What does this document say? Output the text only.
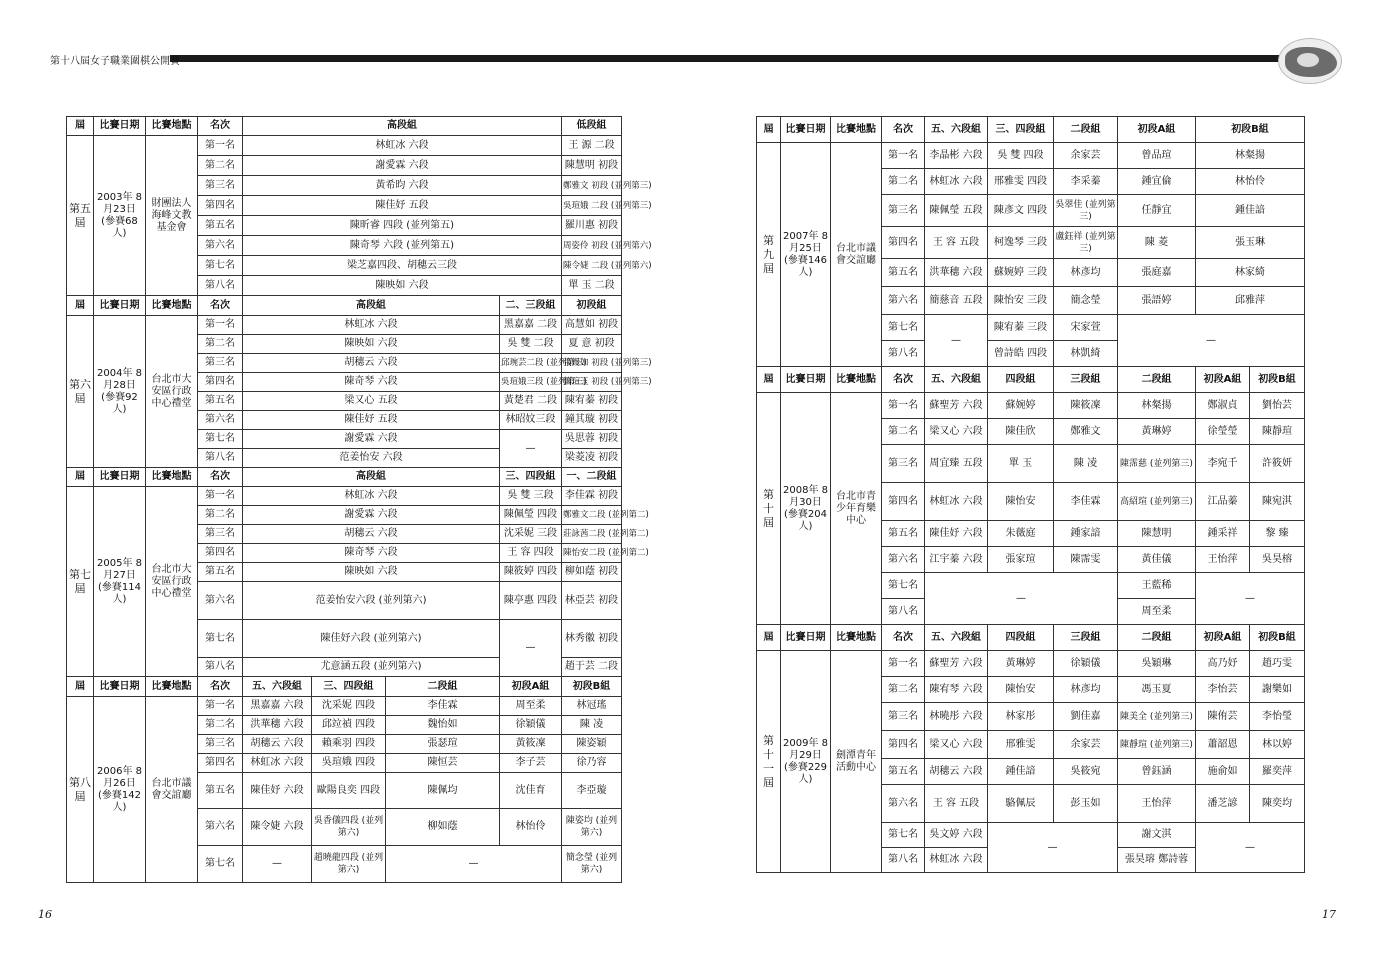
第十八屆女子職業圍棋公開賽
16	17
屆	比賽日期	比賽地點	名次	高段組				低段組
第五屆	2003年 8月23日 (參賽68人)	財團法人海峰文教基金會	第一名	林虹冰 六段				王 源 二段
			第二名	謝愛霖 六段				陳慧明 初段
			第三名	黃希昀 六段				鄭雅文 初段 (並列第三)
			第四名	陳佳妤 五段				吳瑄娥 二段 (並列第三)
			第五名	陳昕睿 四段 (並列第五)				羅川惠 初段
			第六名	陳奇琴 六段 (並列第五)				周姿伶 初段 (並列第六)
			第七名	梁芝嘉四段、胡穗云三段				陳令婕 二段 (並列第六)
			第八名	陳映如 六段				單 玉 二段
屆	比賽日期	比賽地點	名次	高段組			二、三段組	初段組
第六屆	2004年 8月28日 (參賽92人)	台北市大安區行政中心禮堂	第一名	林虹冰 六段			黑嘉嘉 二段	高慧如 初段
			第二名	陳映如 六段			吳 雙 二段	夏 意 初段
			第三名	胡穗云 六段			邱琬芸二段 (並列第三)	張嫚如 初段 (並列第三)
			第四名	陳奇琴 六段			吳瑄娥三段 (並列第三)	劉瑄玉 初段 (並列第三)
			第五名	梁又心 五段			黃楚君 二段	陳宥蓁 初段
			第六名	陳佳妤 五段			林昭妏三段	鐘其璇 初段
			第七名	謝愛霖 六段			—	吳思蓉 初段
			第八名	范姜怡安 六段				梁菱凌 初段
屆	比賽日期	比賽地點	名次	高段組			三、四段組	一、二段組
第七屆	2005年 8月27日 (參賽114人)	台北市大安區行政中心禮堂	第一名	林虹冰 六段			吳 雙 三段	李佳霖 初段
			第二名	謝愛霖 六段			陳佩瑩 四段	鄭雅文二段 (並列第二)
			第三名	胡穗云 六段			沈采妮 三段	莊詠茜二段 (並列第二)
			第四名	陳奇琴 六段			王 容 四段	陳怡安二段 (並列第二)
			第五名	陳映如 六段			陳筱婷 四段	柳如蔭 初段
			第六名	范姜怡安六段 (並列第六)			陳亭惠 四段	林亞芸 初段
			第七名	陳佳妤六段 (並列第六)			—	林秀徽 初段
			第八名	尤意涵五段 (並列第六)				趙于芸 二段
屆	比賽日期	比賽地點	名次	五、六段組	三、四段組	二段組	初段A組	初段B組
第八屆	2006年 8月26日 (參賽142人)	台北市議會交誼廳	第一名	黑嘉嘉 六段	沈采妮 四段	李佳霖	周至柔	林冠瑤
			第二名	洪華穗 六段	邱竝禎 四段	魏怡如	徐穎儀	陳 凌
			第三名	胡穗云 六段	賴乘羽 四段	張瑟瑄	黃筱凜	陳姿穎
			第四名	林虹冰 六段	吳瑄娥 四段	陳恒芸	李子芸	徐乃容
			第五名	陳佳妤 六段	歐陽良奕 四段	陳佩均	沈佳育	李亞璇
			第六名	陳令婕 六段	吳香儀四段 (並列第六)	柳如蔭	林怡伶	陳姿均 (並列第六)
			第七名	—	趙曉龍四段 (並列第六)	—		簡念瑩 (並列第六)
屆	比賽日期	比賽地點	名次	五、六段組	三、四段組	二段組	初段A組	初段B組	
第九屆	2007年 8月25日 (參賽146人)	台北市議會交誼廳	第一名	李晶彬 六段	吳 雙 四段	余家芸	曾品瑄	林粲揚	
			第二名	林虹冰 六段	邢雅雯 四段	李采蓁	鍾宜倫	林怡伶	
			第三名	陳佩瑩 五段	陳彥文 四段	吳翠佳 (並列第三)	任靜宜	鍾佳諳	
			第四名	王 容 五段	柯逸琴 三段	盧鈺祥 (並列第三)	陳 菱	張玉琳	
			第五名	洪華穗 六段	蘇婉婷 三段	林彥均	張庭嘉	林家綺	
			第六名	簡慈音 五段	陳怡安 三段	簡念瑩	張語婷	邱雅萍	
			第七名	—	陳宥蓁 三段	宋家萱	—		
			第八名		曾詩皓 四段	林凱綺			
屆	比賽日期	比賽地點	名次	五、六段組	四段組	三段組	二段組	初段A組	初段B組
第十屆	2008年 8月30日 (參賽204人)	台北市青少年育樂中心	第一名	蘇聖芳 六段	蘇婉婷	陳筱凜	林粲揚	鄭淑貞	劉怡芸
			第二名	梁又心 六段	陳佳欣	鄭雅文	黃琳婷	徐瑩瑩	陳靜瑄
			第三名	周宜臻 五段	單 玉	陳 凌	陳霈慈 (並列第三)	李宛千	許筱妍
			第四名	林虹冰 六段	陳怡安	李佳霖	高紹瑄 (並列第三)	江品蓁	陳宛淇
			第五名	陳佳妤 六段	朱薇庭	鍾家諳	陳慧明	鍾采祥	黎 臻
			第六名	江宇蓁 六段	張家瑄	陳霈雯	黃佳儀	王怡萍	吳昊榕
			第七名	—			王藍稀	—	
			第八名				周至柔		
屆	比賽日期	比賽地點	名次	五、六段組	四段組	三段組	二段組	初段A組	初段B組
第十一屆	2009年 8月29日 (參賽229人)	劍潭青年活動中心	第一名	蘇聖芳 六段	黃琳婷	徐穎儀	吳穎琳	高乃妤	趙巧雯
			第二名	陳宥琴 六段	陳怡安	林彥均	馮玉夏	李怡芸	謝樂如
			第三名	林曉彤 六段	林家彤	劉佳嘉	陳美全 (並列第三)	陳侑芸	李怡瑩
			第四名	梁又心 六段	邢雅雯	余家芸	陳靜瑄 (並列第三)	蕭韶恩	林以婷
			第五名	胡穗云 六段	鍾佳諳	吳筱宛	曾鈺涵	施俞如	羅奕萍
			第六名	王 容 五段	駱佩辰	彭玉如	王怡萍	潘芝諺	陳奕均
			第七名	吳文婷 六段	—		謝文淇	—	
			第八名	林虹冰 六段			張昊瑢 鄭詩蓉		
